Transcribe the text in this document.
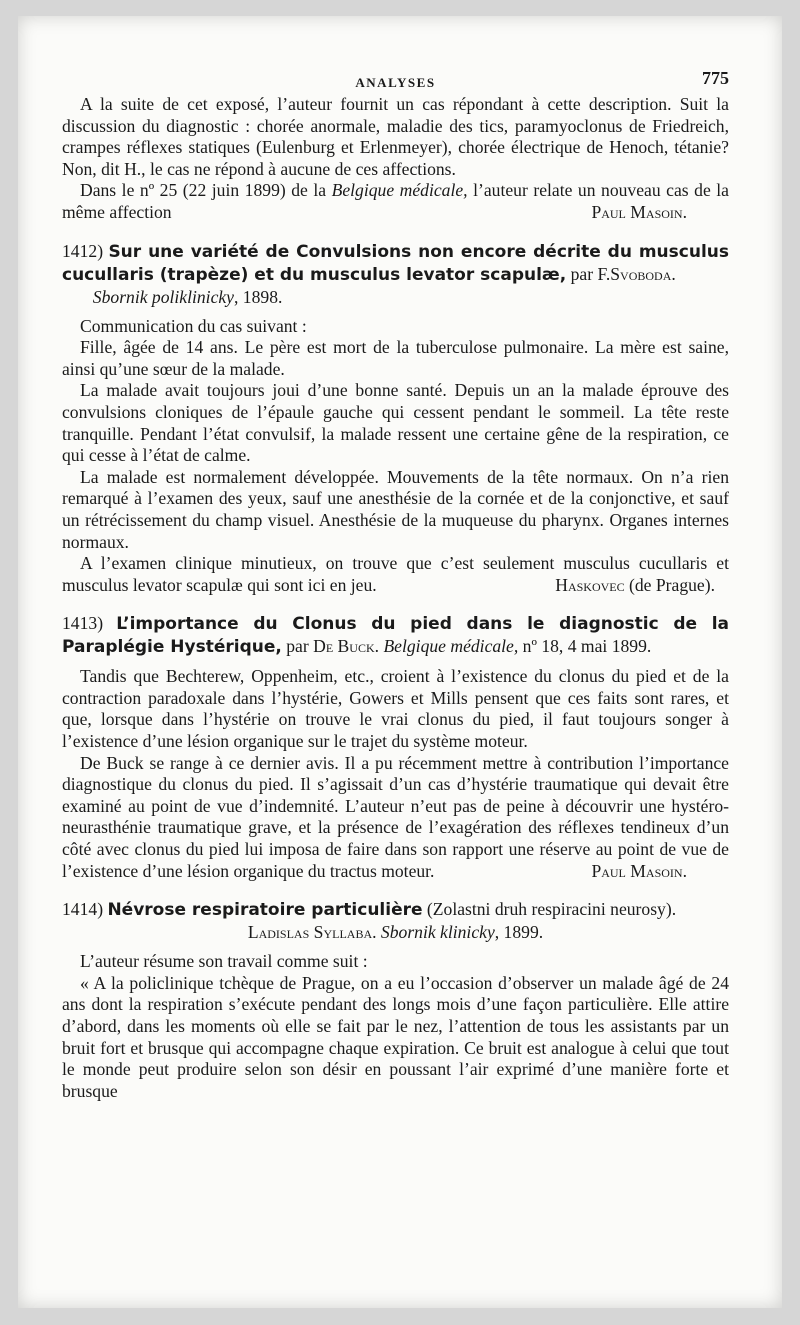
ANALYSES	775

A la suite de cet exposé, l’auteur fournit un cas répondant à cette description. Suit la discussion du diagnostic : chorée anormale, maladie des tics, paramyoclonus de Friedreich, crampes réflexes statiques (Eulenburg et Erlenmeyer), chorée électrique de Henoch, tétanie? Non, dit H., le cas ne répond à aucune de ces affections.

Dans le nº 25 (22 juin 1899) de la Belgique médicale, l’auteur relate un nouveau cas de la même affection	Paul Masoin.

1412) Sur une variété de Convulsions non encore décrite du musculus cucullaris (trapèze) et du musculus levator scapulæ, par F.Svoboda.
Sbornik poliklinicky, 1898.

Communication du cas suivant :

Fille, âgée de 14 ans. Le père est mort de la tuberculose pulmonaire. La mère est saine, ainsi qu’une sœur de la malade.

La malade avait toujours joui d’une bonne santé. Depuis un an la malade éprouve des convulsions cloniques de l’épaule gauche qui cessent pendant le sommeil. La tête reste tranquille. Pendant l’état convulsif, la malade ressent une certaine gêne de la respiration, ce qui cesse à l’état de calme.

La malade est normalement développée. Mouvements de la tête normaux. On n’a rien remarqué à l’examen des yeux, sauf une anesthésie de la cornée et de la conjonctive, et sauf un rétrécissement du champ visuel. Anesthésie de la muqueuse du pharynx. Organes internes normaux.

A l’examen clinique minutieux, on trouve que c’est seulement musculus cucullaris et musculus levator scapulæ qui sont ici en jeu.	Haskovec (de Prague).

1413) L’importance du Clonus du pied dans le diagnostic de la Paraplégie Hystérique, par De Buck. Belgique médicale, nº 18, 4 mai 1899.

Tandis que Bechterew, Oppenheim, etc., croient à l’existence du clonus du pied et de la contraction paradoxale dans l’hystérie, Gowers et Mills pensent que ces faits sont rares, et que, lorsque dans l’hystérie on trouve le vrai clonus du pied, il faut toujours songer à l’existence d’une lésion organique sur le trajet du système moteur.

De Buck se range à ce dernier avis. Il a pu récemment mettre à contribution l’importance diagnostique du clonus du pied. Il s’agissait d’un cas d’hystérie traumatique qui devait être examiné au point de vue d’indemnité. L’auteur n’eut pas de peine à découvrir une hystéro-neurasthénie traumatique grave, et la présence de l’exagération des réflexes tendineux d’un côté avec clonus du pied lui imposa de faire dans son rapport une réserve au point de vue de l’existence d’une lésion organique du tractus moteur.	Paul Masoin.

1414) Névrose respiratoire particulière (Zolastni druh respiracini neurosy).

Ladislas Syllaba. Sbornik klinicky, 1899.

L’auteur résume son travail comme suit :

« A la policlinique tchèque de Prague, on a eu l’occasion d’observer un malade âgé de 24 ans dont la respiration s’exécute pendant des longs mois d’une façon particulière. Elle attire d’abord, dans les moments où elle se fait par le nez, l’attention de tous les assistants par un bruit fort et brusque qui accompagne chaque expiration. Ce bruit est analogue à celui que tout le monde peut produire selon son désir en poussant l’air exprimé d’une manière forte et brusque
